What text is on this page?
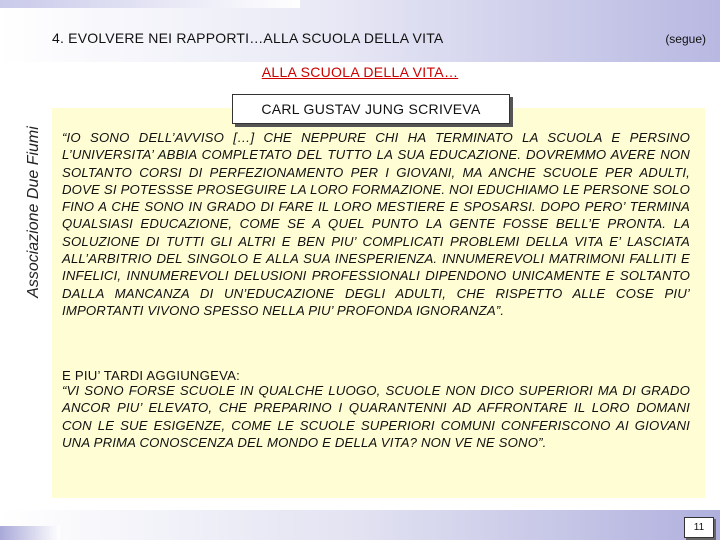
4. EVOLVERE NEI RAPPORTI…ALLA SCUOLA DELLA VITA	(segue)
Associazione Due Fiumi
ALLA SCUOLA DELLA VITA…
CARL GUSTAV JUNG SCRIVEVA
“IO SONO DELL’AVVISO […] CHE NEPPURE CHI HA TERMINATO LA SCUOLA E PERSINO L’UNIVERSITA’ ABBIA COMPLETATO DEL TUTTO LA SUA EDUCAZIONE. DOVREMMO AVERE NON SOLTANTO CORSI DI PERFEZIONAMENTO PER I GIOVANI, MA ANCHE SCUOLE PER ADULTI, DOVE SI POTESSSE PROSEGUIRE LA LORO FORMAZIONE. NOI EDUCHIAMO LE PERSONE SOLO FINO A CHE SONO IN GRADO DI FARE IL LORO MESTIERE E SPOSARSI. DOPO PERO’ TERMINA QUALSIASI EDUCAZIONE, COME SE A QUEL PUNTO LA GENTE FOSSE BELL’E PRONTA. LA SOLUZIONE DI TUTTI GLI ALTRI E BEN PIU’ COMPLICATI PROBLEMI DELLA VITA E’ LASCIATA ALL’ARBITRIO DEL SINGOLO E ALLA SUA INESPERIENZA. INNUMEREVOLI MATRIMONI FALLITI E INFELICI, INNUMEREVOLI DELUSIONI PROFESSIONALI DIPENDONO UNICAMENTE E SOLTANTO DALLA MANCANZA DI UN’EDUCAZIONE DEGLI ADULTI, CHE RISPETTO ALLE COSE PIU’ IMPORTANTI VIVONO SPESSO NELLA PIU’ PROFONDA IGNORANZA”.
E PIU’ TARDI AGGIUNGEVA:
“VI SONO FORSE SCUOLE IN QUALCHE LUOGO, SCUOLE NON DICO SUPERIORI MA DI GRADO ANCOR PIU’ ELEVATO, CHE PREPARINO I QUARANTENNI AD AFFRONTARE IL LORO DOMANI CON LE SUE ESIGENZE, COME LE SCUOLE SUPERIORI COMUNI CONFERISCONO AI GIOVANI UNA PRIMA CONOSCENZA DEL MONDO E DELLA VITA? NON VE NE SONO”.
11
